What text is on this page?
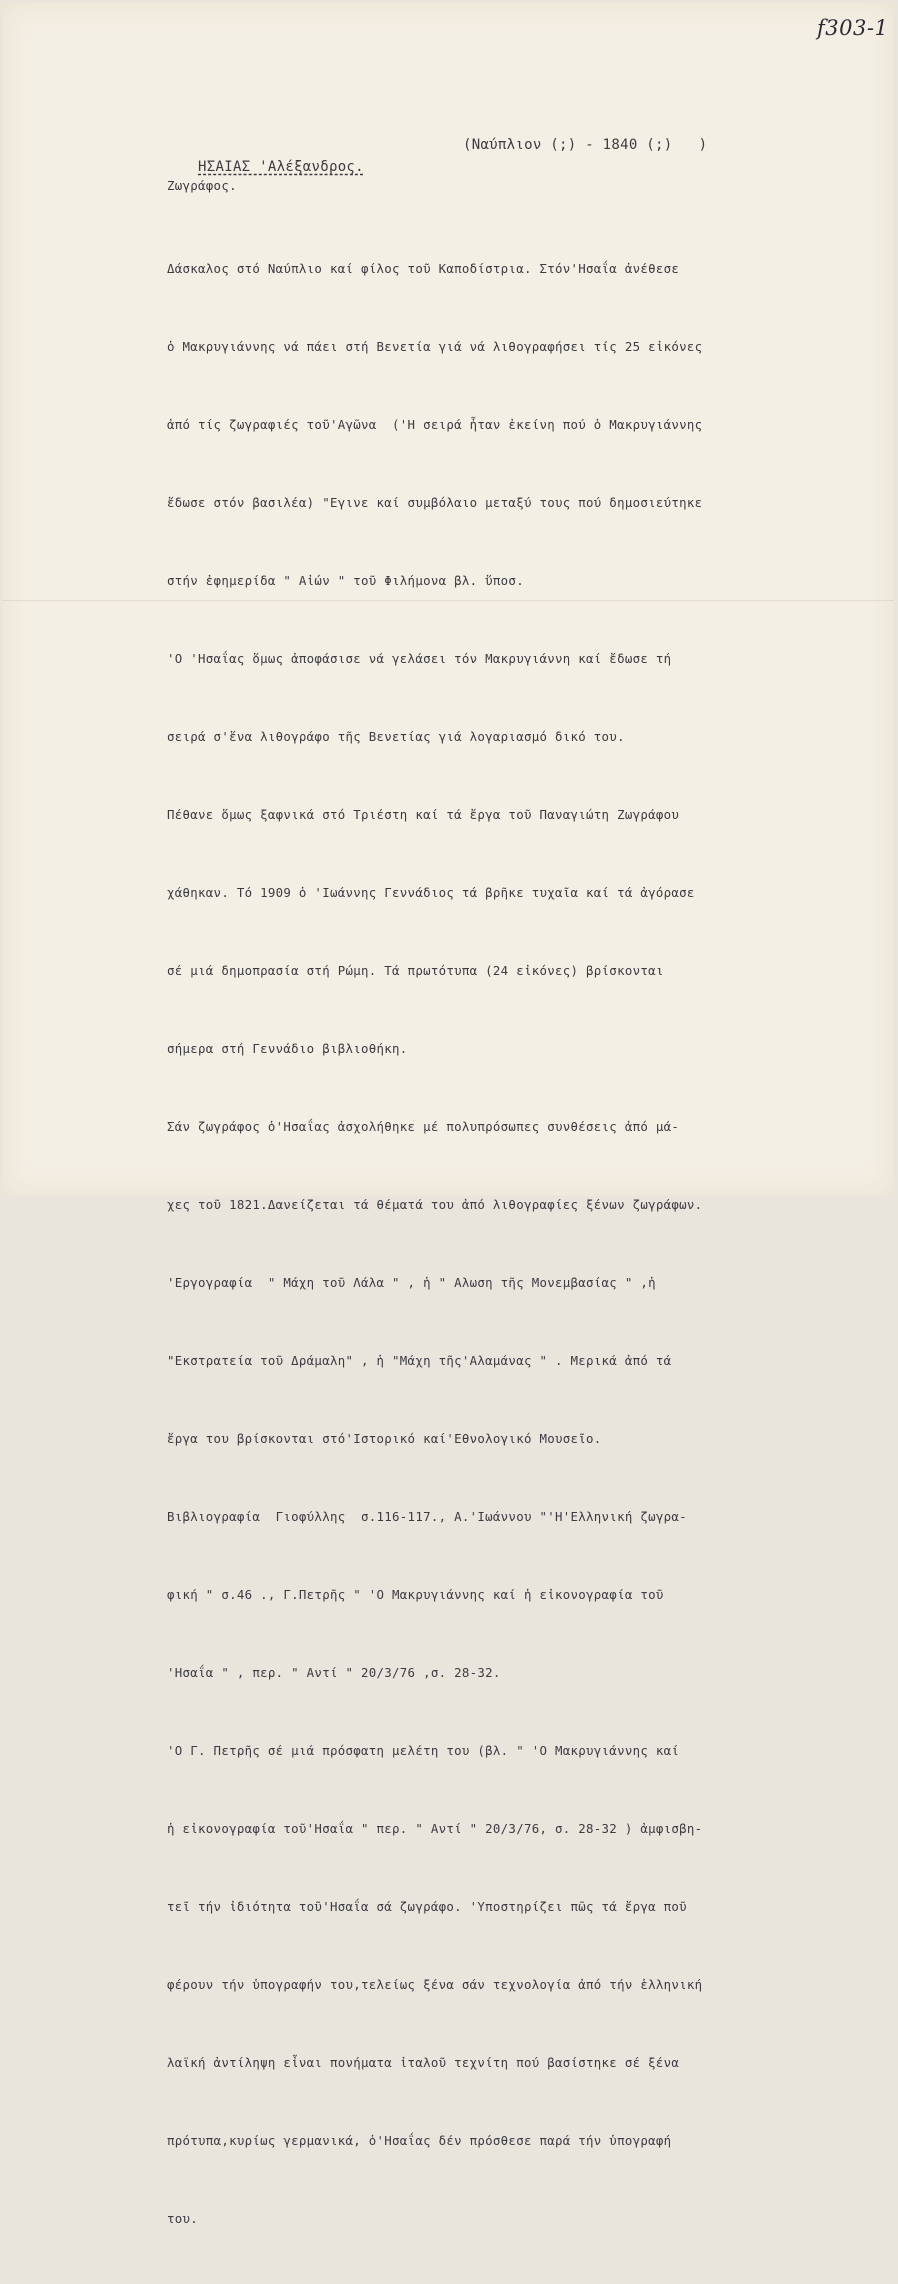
f303-1

ΗΣΑΙΑΣ 'Αλέξανδρος.

(Ναύπλιον (;) - 1840 (;)   )
Ζωγράφος.

Δάσκαλος στό Ναύπλιο καί φίλος τοῦ Καποδίστρια. Στόν'Ησαΐα ἀνέθεσε

ὁ Μακρυγιάννης νά πάει στή Βενετία γιά νά λιθογραφήσει τίς 25 εἰκόνες

ἀπό τίς ζωγραφιές τοῦ'Αγῶνα  ('Η σειρά ἦταν ἐκείνη πού ὁ Μακρυγιάννης

ἔδωσε στόν βασιλέα) "Εγινε καί συμβόλαιο μεταξύ τους πού δημοσιεύτηκε

στήν ἐφημερίδα " Αἰών " τοῦ Φιλήμονα βλ. ὕποσ.

'Ο 'Ησαΐας ὅμως ἀποφάσισε νά γελάσει τόν Μακρυγιάννη καί ἔδωσε τή

σειρά σ'ἕνα λιθογράφο τῆς Βενετίας γιά λογαριασμό δικό του.

Πέθανε ὅμως ξαφνικά στό Τριέστη καί τά ἔργα τοῦ Παναγιώτη Ζωγράφου

χάθηκαν. Τό 1909 ὁ 'Ιωάννης Γεννάδιος τά βρῆκε τυχαῖα καί τά ἀγόρασε

σέ μιά δημοπρασία στή Ρώμη. Τά πρωτότυπα (24 εἰκόνες) βρίσκονται

σήμερα στή Γεννάδιο βιβλιοθήκη.

Σάν ζωγράφος ὁ'Ησαΐας ἀσχολήθηκε μέ πολυπρόσωπες συνθέσεις ἀπό μά-

χες τοῦ 1821.Δανείζεται τά θέματά του ἀπό λιθογραφίες ξένων ζωγράφων.

'Εργογραφία  " Μάχη τοῦ Λάλα " , ἡ " Αλωση τῆς Μονεμβασίας " ,ἡ

"Εκστρατεία τοῦ Δράμαλη" , ἡ "Μάχη τῆς'Αλαμάνας " . Μερικά ἀπό τά

ἔργα του βρίσκονται στό'Ιστορικό καί'Εθνολογικό Μουσεῖο.

Βιβλιογραφία  Γιοφύλλης  σ.116-117., Α.'Ιωάννου "'Η'Ελληνική ζωγρα-

φική " σ.46 ., Γ.Πετρῆς " 'Ο Μακρυγιάννης καί ἡ εἰκονογραφία τοῦ

'Ησαΐα " , περ. " Αντί " 20/3/76 ,σ. 28-32.

'Ο Γ. Πετρῆς σέ μιά πρόσφατη μελέτη του (βλ. " 'Ο Μακρυγιάννης καί

ἡ εἰκονογραφία τοῦ'Ησαΐα " περ. " Αντί " 20/3/76, σ. 28-32 ) ἀμφισβη-

τεῖ τήν ἰδιότητα τοῦ'Ησαΐα σά ζωγράφο. 'Υποστηρίζει πῶς τά ἔργα ποῦ

φέρουν τήν ὑπογραφήν του,τελείως ξένα σάν τεχνολογία ἀπό τήν ἑλληνική

λαϊκή ἀντίληψη εἶναι πονήματα ἰταλοῦ τεχνίτη πού βασίστηκε σέ ξένα

πρότυπα,κυρίως γερμανικά, ὁ'Ησαΐας δέν πρόσθεσε παρά τήν ὑπογραφή

του.
